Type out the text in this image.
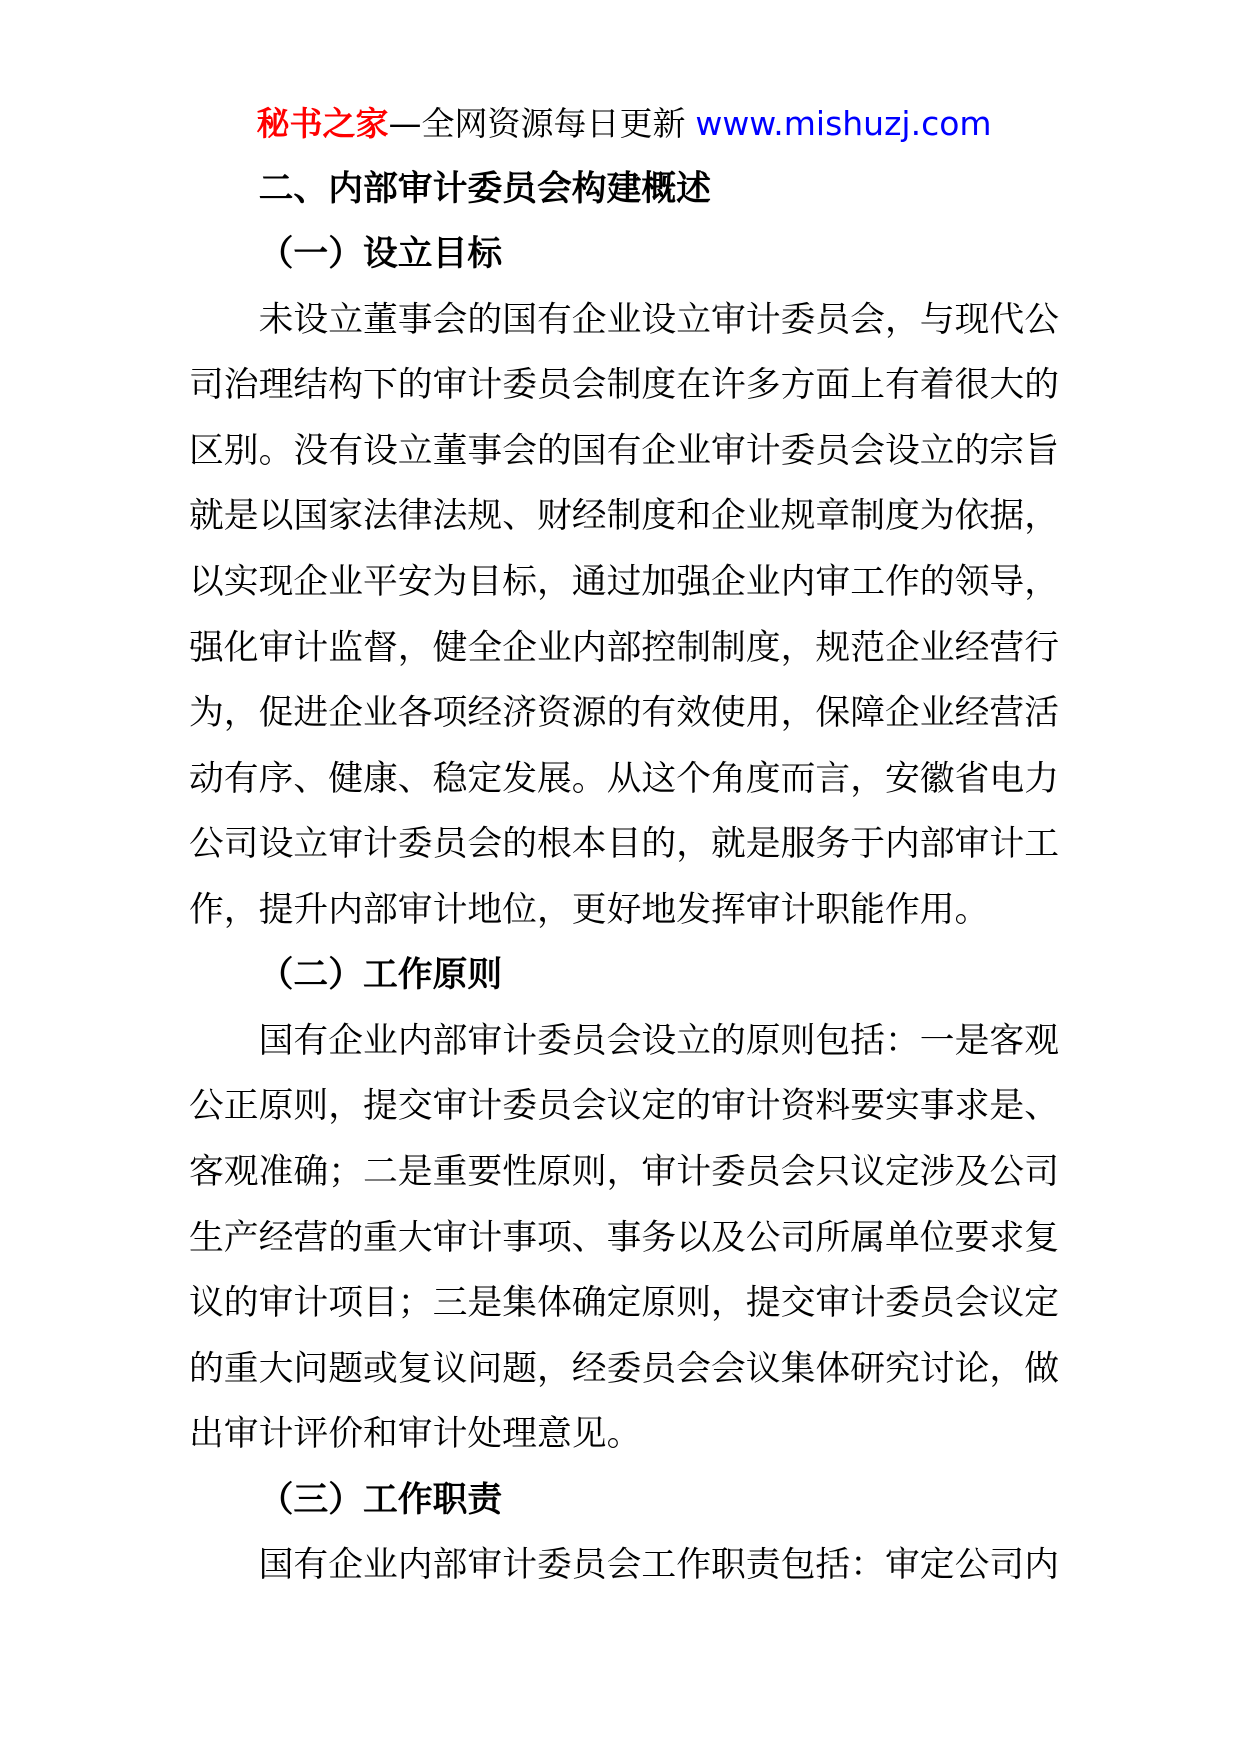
秘书之家—全网资源每日更新 www.mishuzj.com
二、内部审计委员会构建概述
（一）设立目标
未设立董事会的国有企业设立审计委员会，与现代公
司治理结构下的审计委员会制度在许多方面上有着很大的
区别。没有设立董事会的国有企业审计委员会设立的宗旨
就是以国家法律法规、财经制度和企业规章制度为依据，
以实现企业平安为目标，通过加强企业内审工作的领导，
强化审计监督，健全企业内部控制制度，规范企业经营行
为，促进企业各项经济资源的有效使用，保障企业经营活
动有序、健康、稳定发展。从这个角度而言，安徽省电力
公司设立审计委员会的根本目的，就是服务于内部审计工
作，提升内部审计地位，更好地发挥审计职能作用。
（二）工作原则
国有企业内部审计委员会设立的原则包括：一是客观
公正原则，提交审计委员会议定的审计资料要实事求是、
客观准确；二是重要性原则，审计委员会只议定涉及公司
生产经营的重大审计事项、事务以及公司所属单位要求复
议的审计项目；三是集体确定原则，提交审计委员会议定
的重大问题或复议问题，经委员会会议集体研究讨论，做
出审计评价和审计处理意见。
（三）工作职责
国有企业内部审计委员会工作职责包括：审定公司内
